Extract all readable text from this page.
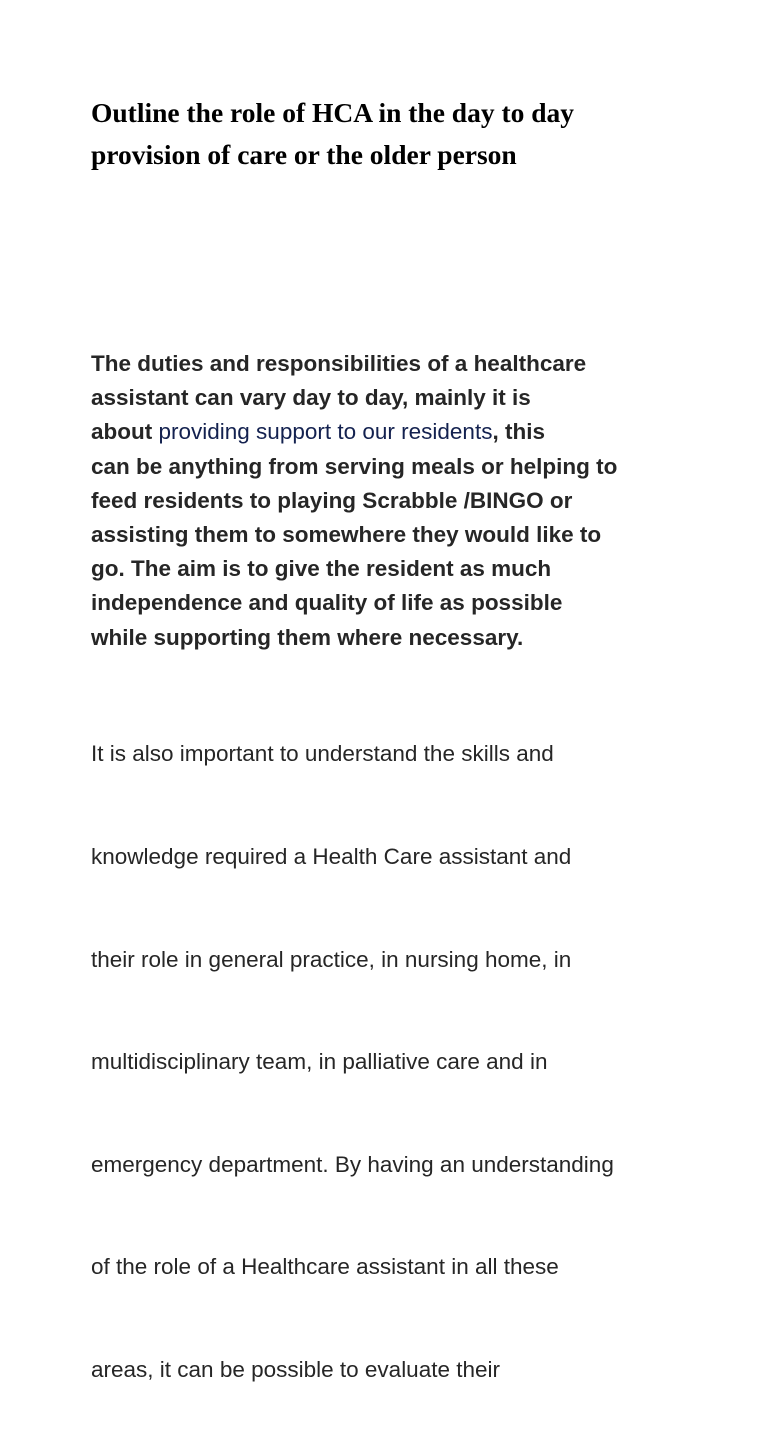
Outline the role of HCA in the day to day
provision of care or the older person

The duties and responsibilities of a healthcare
assistant can vary day to day, mainly it is
about providing support to our residents, this
can be anything from serving meals or helping to
feed residents to playing Scrabble /BINGO or
assisting them to somewhere they would like to
go. The aim is to give the resident as much
independence and quality of life as possible
while supporting them where necessary.

It is also important to understand the skills and

knowledge required a Health Care assistant and

their role in general practice, in nursing home, in

multidisciplinary team, in palliative care and in

emergency department. By having an understanding

of the role of a Healthcare assistant in all these

areas, it can be possible to evaluate their
